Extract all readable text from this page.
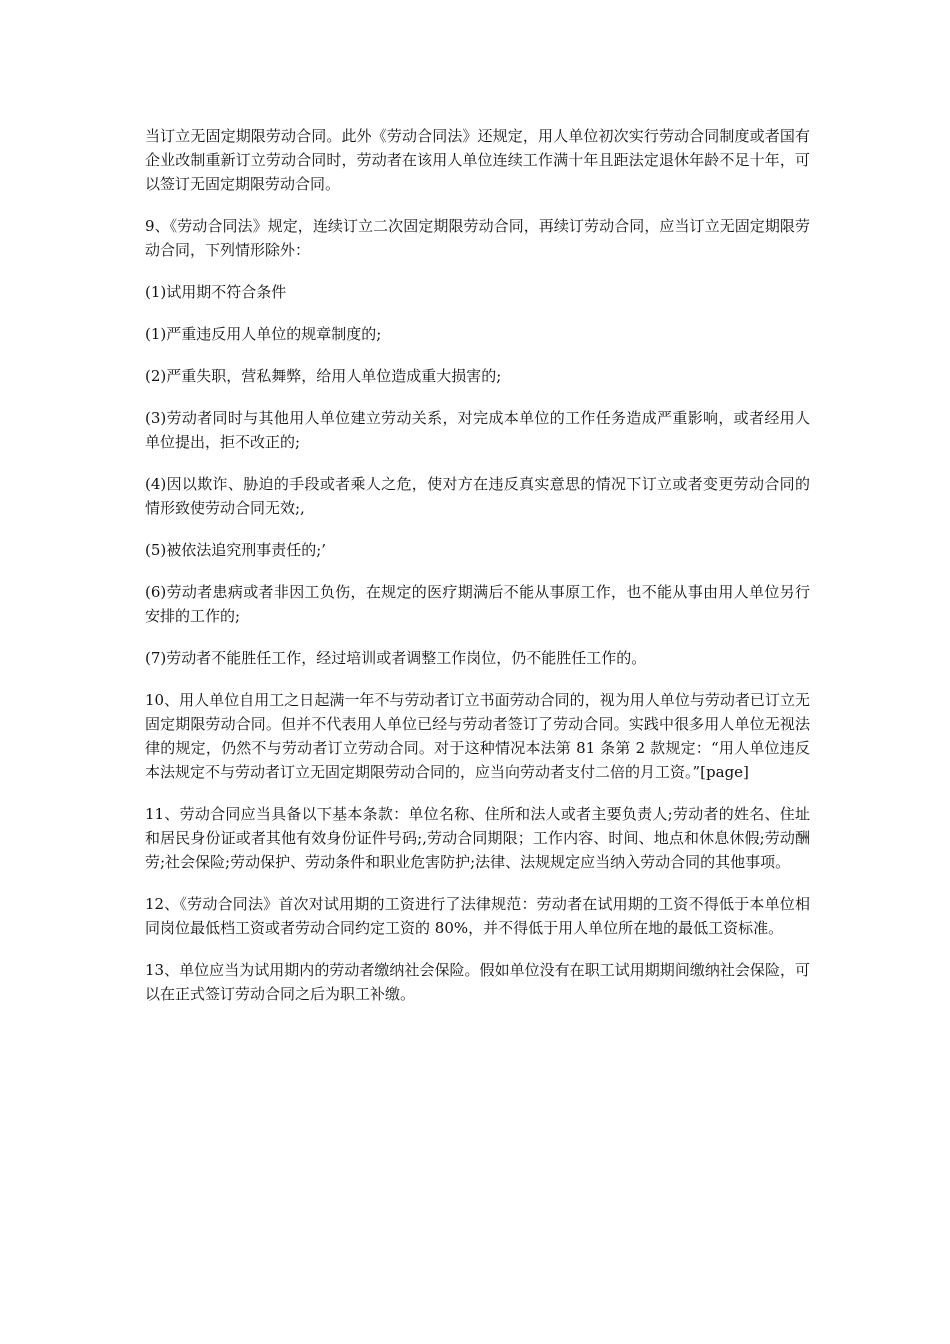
当订立无固定期限劳动合同。此外《劳动合同法》还规定，用人单位初次实行劳动合同制度或者国有企业改制重新订立劳动合同时，劳动者在该用人单位连续工作满十年且距法定退休年龄不足十年，可以签订无固定期限劳动合同。

9、《劳动合同法》规定，连续订立二次固定期限劳动合同，再续订劳动合同，应当订立无固定期限劳动合同，下列情形除外：

(1)试用期不符合条件

(1)严重违反用人单位的规章制度的;

(2)严重失职，营私舞弊，给用人单位造成重大损害的;

(3)劳动者同时与其他用人单位建立劳动关系，对完成本单位的工作任务造成严重影响，或者经用人单位提出，拒不改正的;

(4)因以欺诈、胁迫的手段或者乘人之危，使对方在违反真实意思的情况下订立或者变更劳动合同的情形致使劳动合同无效;,

(5)被依法追究刑事责任的;’

(6)劳动者患病或者非因工负伤，在规定的医疗期满后不能从事原工作，也不能从事由用人单位另行安排的工作的;

(7)劳动者不能胜任工作，经过培训或者调整工作岗位，仍不能胜任工作的。

10、用人单位自用工之日起满一年不与劳动者订立书面劳动合同的，视为用人单位与劳动者已订立无固定期限劳动合同。但并不代表用人单位已经与劳动者签订了劳动合同。实践中很多用人单位无视法律的规定，仍然不与劳动者订立劳动合同。对于这种情况本法第 81 条第 2 款规定：“用人单位违反本法规定不与劳动者订立无固定期限劳动合同的，应当向劳动者支付二倍的月工资。”[page]

11、劳动合同应当具备以下基本条款：单位名称、住所和法人或者主要负责人;劳动者的姓名、住址和居民身份证或者其他有效身份证件号码;,劳动合同期限；工作内容、时间、地点和休息休假;劳动酬劳;社会保险;劳动保护、劳动条件和职业危害防护;法律、法规规定应当纳入劳动合同的其他事项。

12、《劳动合同法》首次对试用期的工资进行了法律规范：劳动者在试用期的工资不得低于本单位相同岗位最低档工资或者劳动合同约定工资的 80%，并不得低于用人单位所在地的最低工资标准。

13、单位应当为试用期内的劳动者缴纳社会保险。假如单位没有在职工试用期期间缴纳社会保险，可以在正式签订劳动合同之后为职工补缴。
